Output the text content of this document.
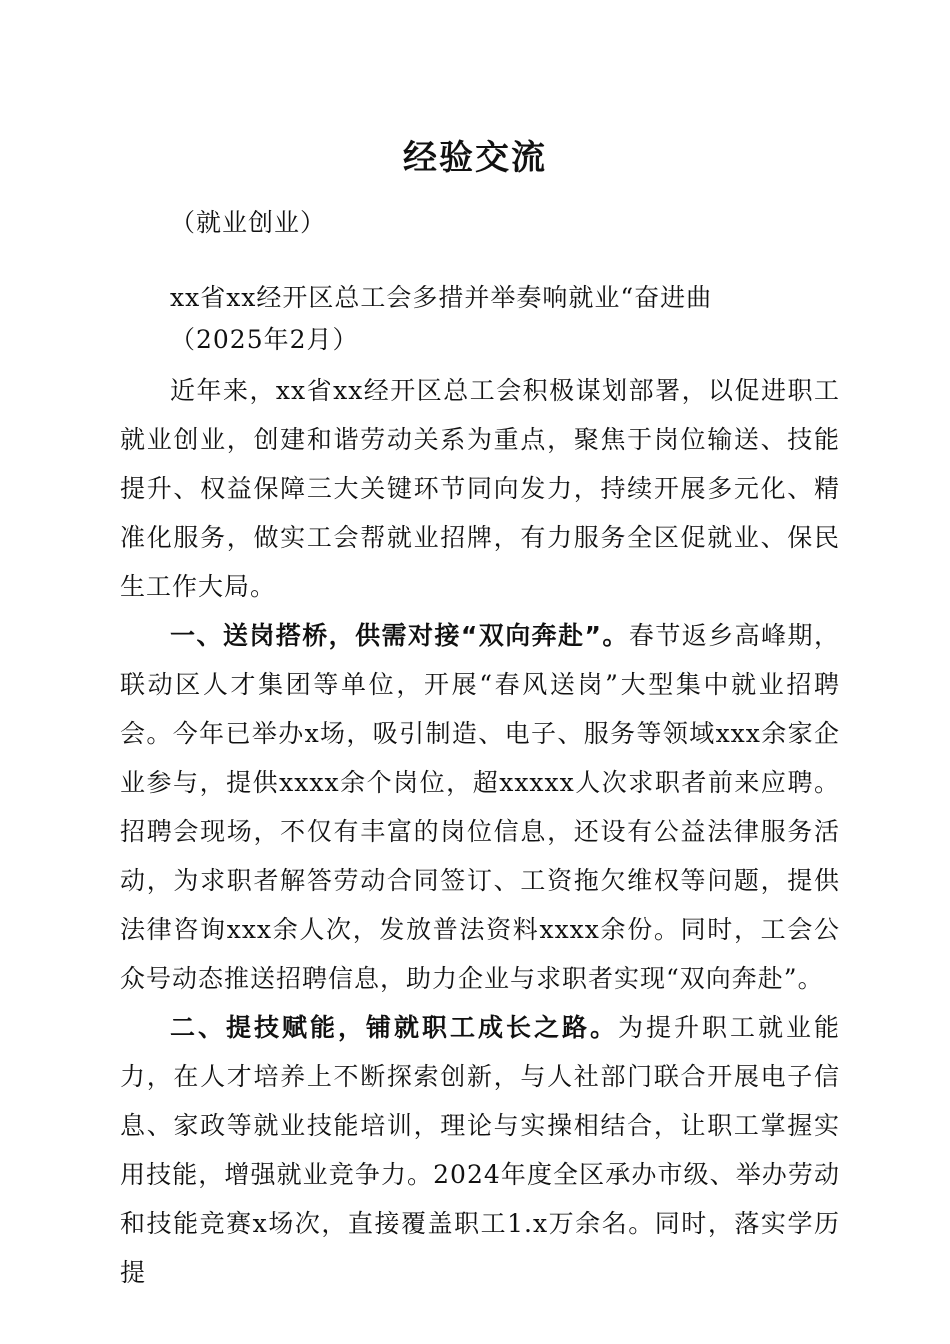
经验交流
（就业创业）
xx省xx经开区总工会多措并举奏响就业“奋进曲
（2025年2月）

近年来，xx省xx经开区总工会积极谋划部署，以促进职工就业创业，创建和谐劳动关系为重点，聚焦于岗位输送、技能提升、权益保障三大关键环节同向发力，持续开展多元化、精准化服务，做实工会帮就业招牌，有力服务全区促就业、保民生工作大局。

一、送岗搭桥，供需对接“双向奔赴”。春节返乡高峰期，联动区人才集团等单位，开展“春风送岗”大型集中就业招聘会。今年已举办x场，吸引制造、电子、服务等领域xxx余家企业参与，提供xxxx余个岗位，超xxxxx人次求职者前来应聘。招聘会现场，不仅有丰富的岗位信息，还设有公益法律服务活动，为求职者解答劳动合同签订、工资拖欠维权等问题，提供法律咨询xxx余人次，发放普法资料xxxx余份。同时，工会公众号动态推送招聘信息，助力企业与求职者实现“双向奔赴”。

二、提技赋能，铺就职工成长之路。为提升职工就业能力，在人才培养上不断探索创新，与人社部门联合开展电子信息、家政等就业技能培训，理论与实操相结合，让职工掌握实用技能，增强就业竞争力。2024年度全区承办市级、举办劳动和技能竞赛x场次，直接覆盖职工1.x万余名。同时，落实学历提
